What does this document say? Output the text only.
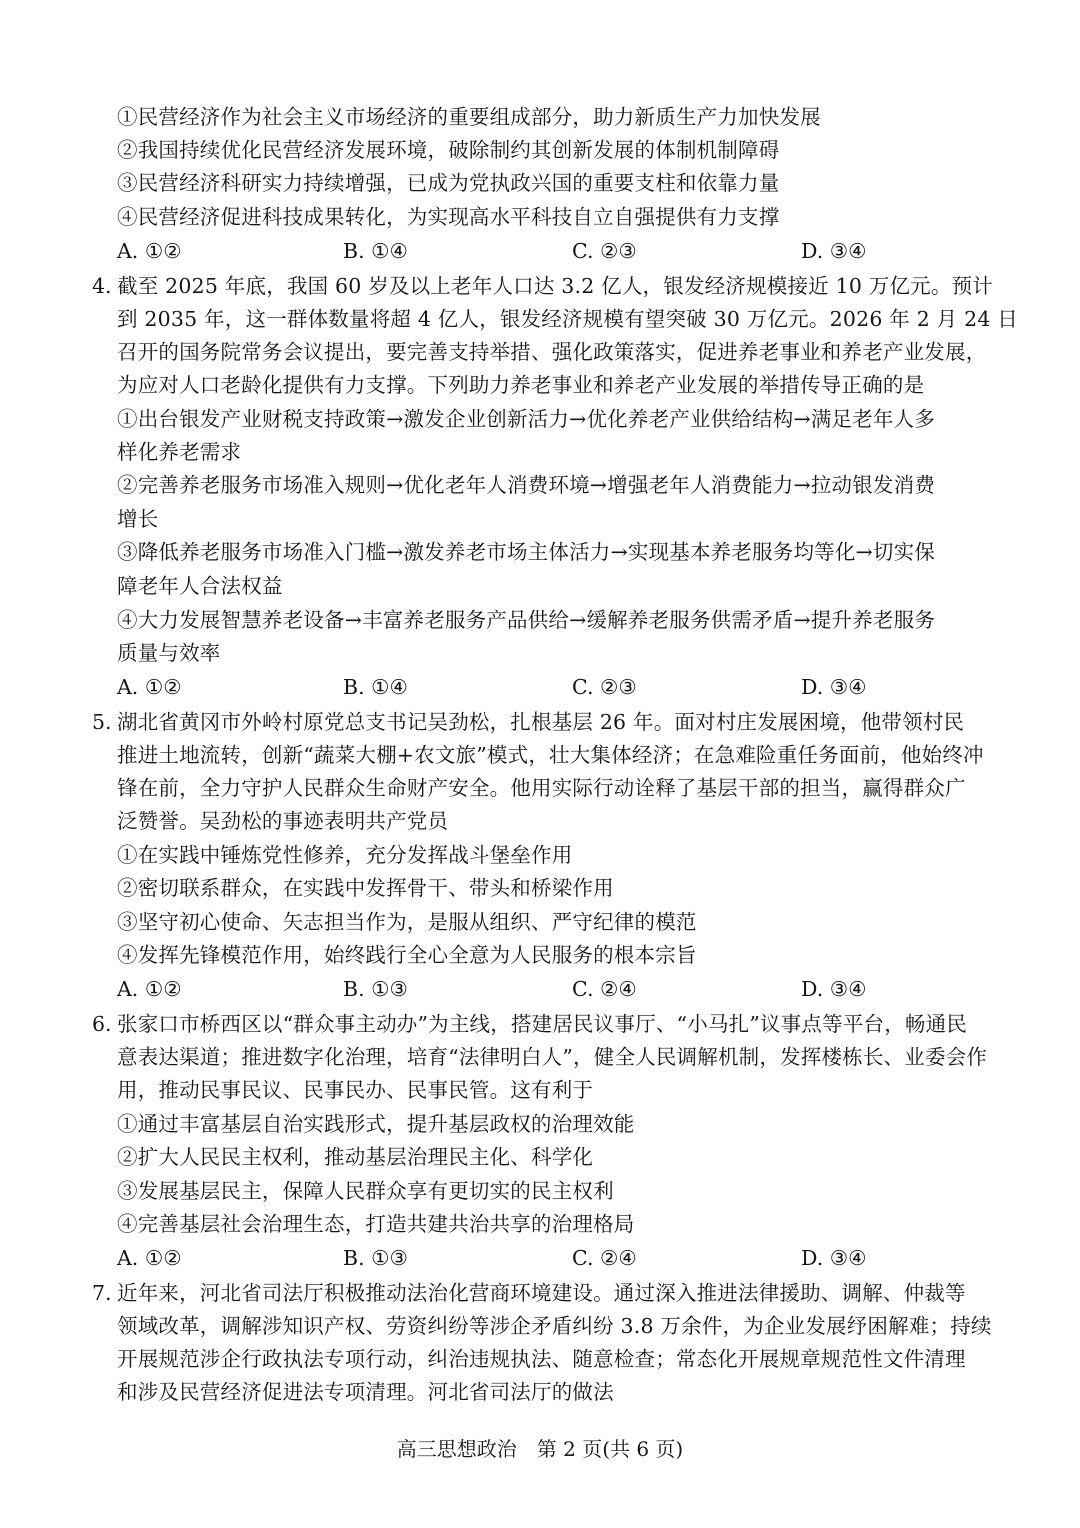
①民营经济作为社会主义市场经济的重要组成部分，助力新质生产力加快发展
②我国持续优化民营经济发展环境，破除制约其创新发展的体制机制障碍
③民营经济科研实力持续增强，已成为党执政兴国的重要支柱和依靠力量
④民营经济促进科技成果转化，为实现高水平科技自立自强提供有力支撑
A. ①②	B. ①④	C. ②③	D. ③④
4. 截至 2025 年底，我国 60 岁及以上老年人口达 3.2 亿人，银发经济规模接近 10 万亿元。预计
到 2035 年，这一群体数量将超 4 亿人，银发经济规模有望突破 30 万亿元。2026 年 2 月 24 日
召开的国务院常务会议提出，要完善支持举措、强化政策落实，促进养老事业和养老产业发展，
为应对人口老龄化提供有力支撑。下列助力养老事业和养老产业发展的举措传导正确的是
①出台银发产业财税支持政策→激发企业创新活力→优化养老产业供给结构→满足老年人多
样化养老需求
②完善养老服务市场准入规则→优化老年人消费环境→增强老年人消费能力→拉动银发消费
增长
③降低养老服务市场准入门槛→激发养老市场主体活力→实现基本养老服务均等化→切实保
障老年人合法权益
④大力发展智慧养老设备→丰富养老服务产品供给→缓解养老服务供需矛盾→提升养老服务
质量与效率
A. ①②	B. ①④	C. ②③	D. ③④
5. 湖北省黄冈市外岭村原党总支书记吴劲松，扎根基层 26 年。面对村庄发展困境，他带领村民
推进土地流转，创新“蔬菜大棚+农文旅”模式，壮大集体经济；在急难险重任务面前，他始终冲
锋在前，全力守护人民群众生命财产安全。他用实际行动诠释了基层干部的担当，赢得群众广
泛赞誉。吴劲松的事迹表明共产党员
①在实践中锤炼党性修养，充分发挥战斗堡垒作用
②密切联系群众，在实践中发挥骨干、带头和桥梁作用
③坚守初心使命、矢志担当作为，是服从组织、严守纪律的模范
④发挥先锋模范作用，始终践行全心全意为人民服务的根本宗旨
A. ①②	B. ①③	C. ②④	D. ③④
6. 张家口市桥西区以“群众事主动办”为主线，搭建居民议事厅、“小马扎”议事点等平台，畅通民
意表达渠道；推进数字化治理，培育“法律明白人”，健全人民调解机制，发挥楼栋长、业委会作
用，推动民事民议、民事民办、民事民管。这有利于
①通过丰富基层自治实践形式，提升基层政权的治理效能
②扩大人民民主权利，推动基层治理民主化、科学化
③发展基层民主，保障人民群众享有更切实的民主权利
④完善基层社会治理生态，打造共建共治共享的治理格局
A. ①②	B. ①③	C. ②④	D. ③④
7. 近年来，河北省司法厅积极推动法治化营商环境建设。通过深入推进法律援助、调解、仲裁等
领域改革，调解涉知识产权、劳资纠纷等涉企矛盾纠纷 3.8 万余件，为企业发展纾困解难；持续
开展规范涉企行政执法专项行动，纠治违规执法、随意检查；常态化开展规章规范性文件清理
和涉及民营经济促进法专项清理。河北省司法厅的做法
高三思想政治　第 2 页(共 6 页)
